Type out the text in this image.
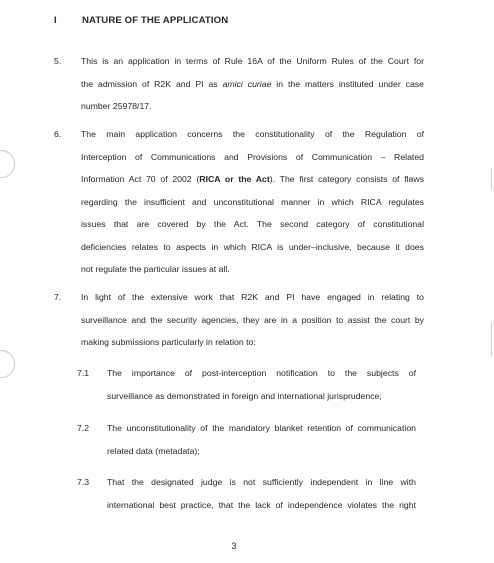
I	NATURE OF THE APPLICATION
5. This is an application in terms of Rule 16A of the Uniform Rules of the Court for
the admission of R2K and PI as amici curiae in the matters instituted under case
number 25978/17.
6. The main application concerns the constitutionality of the Regulation of
Interception of Communications and Provisions of Communication – Related
Information Act 70 of 2002 (RICA or the Act). The first category consists of flaws
regarding the insufficient and unconstitutional manner in which RICA regulates
issues that are covered by the Act. The second category of constitutional
deficiencies relates to aspects in which RICA is under–inclusive, because it does
not regulate the particular issues at all.
7. In light of the extensive work that R2K and PI have engaged in relating to
surveillance and the security agencies, they are in a position to assist the court by
making submissions particularly in relation to:
7.1 The importance of post-interception notification to the subjects of
surveillance as demonstrated in foreign and international jurisprudence;
7.2 The unconstitutionality of the mandatory blanket retention of communication
related data (metadata);
7.3 That the designated judge is not sufficiently independent in line with
international best practice, that the lack of independence violates the right
3
